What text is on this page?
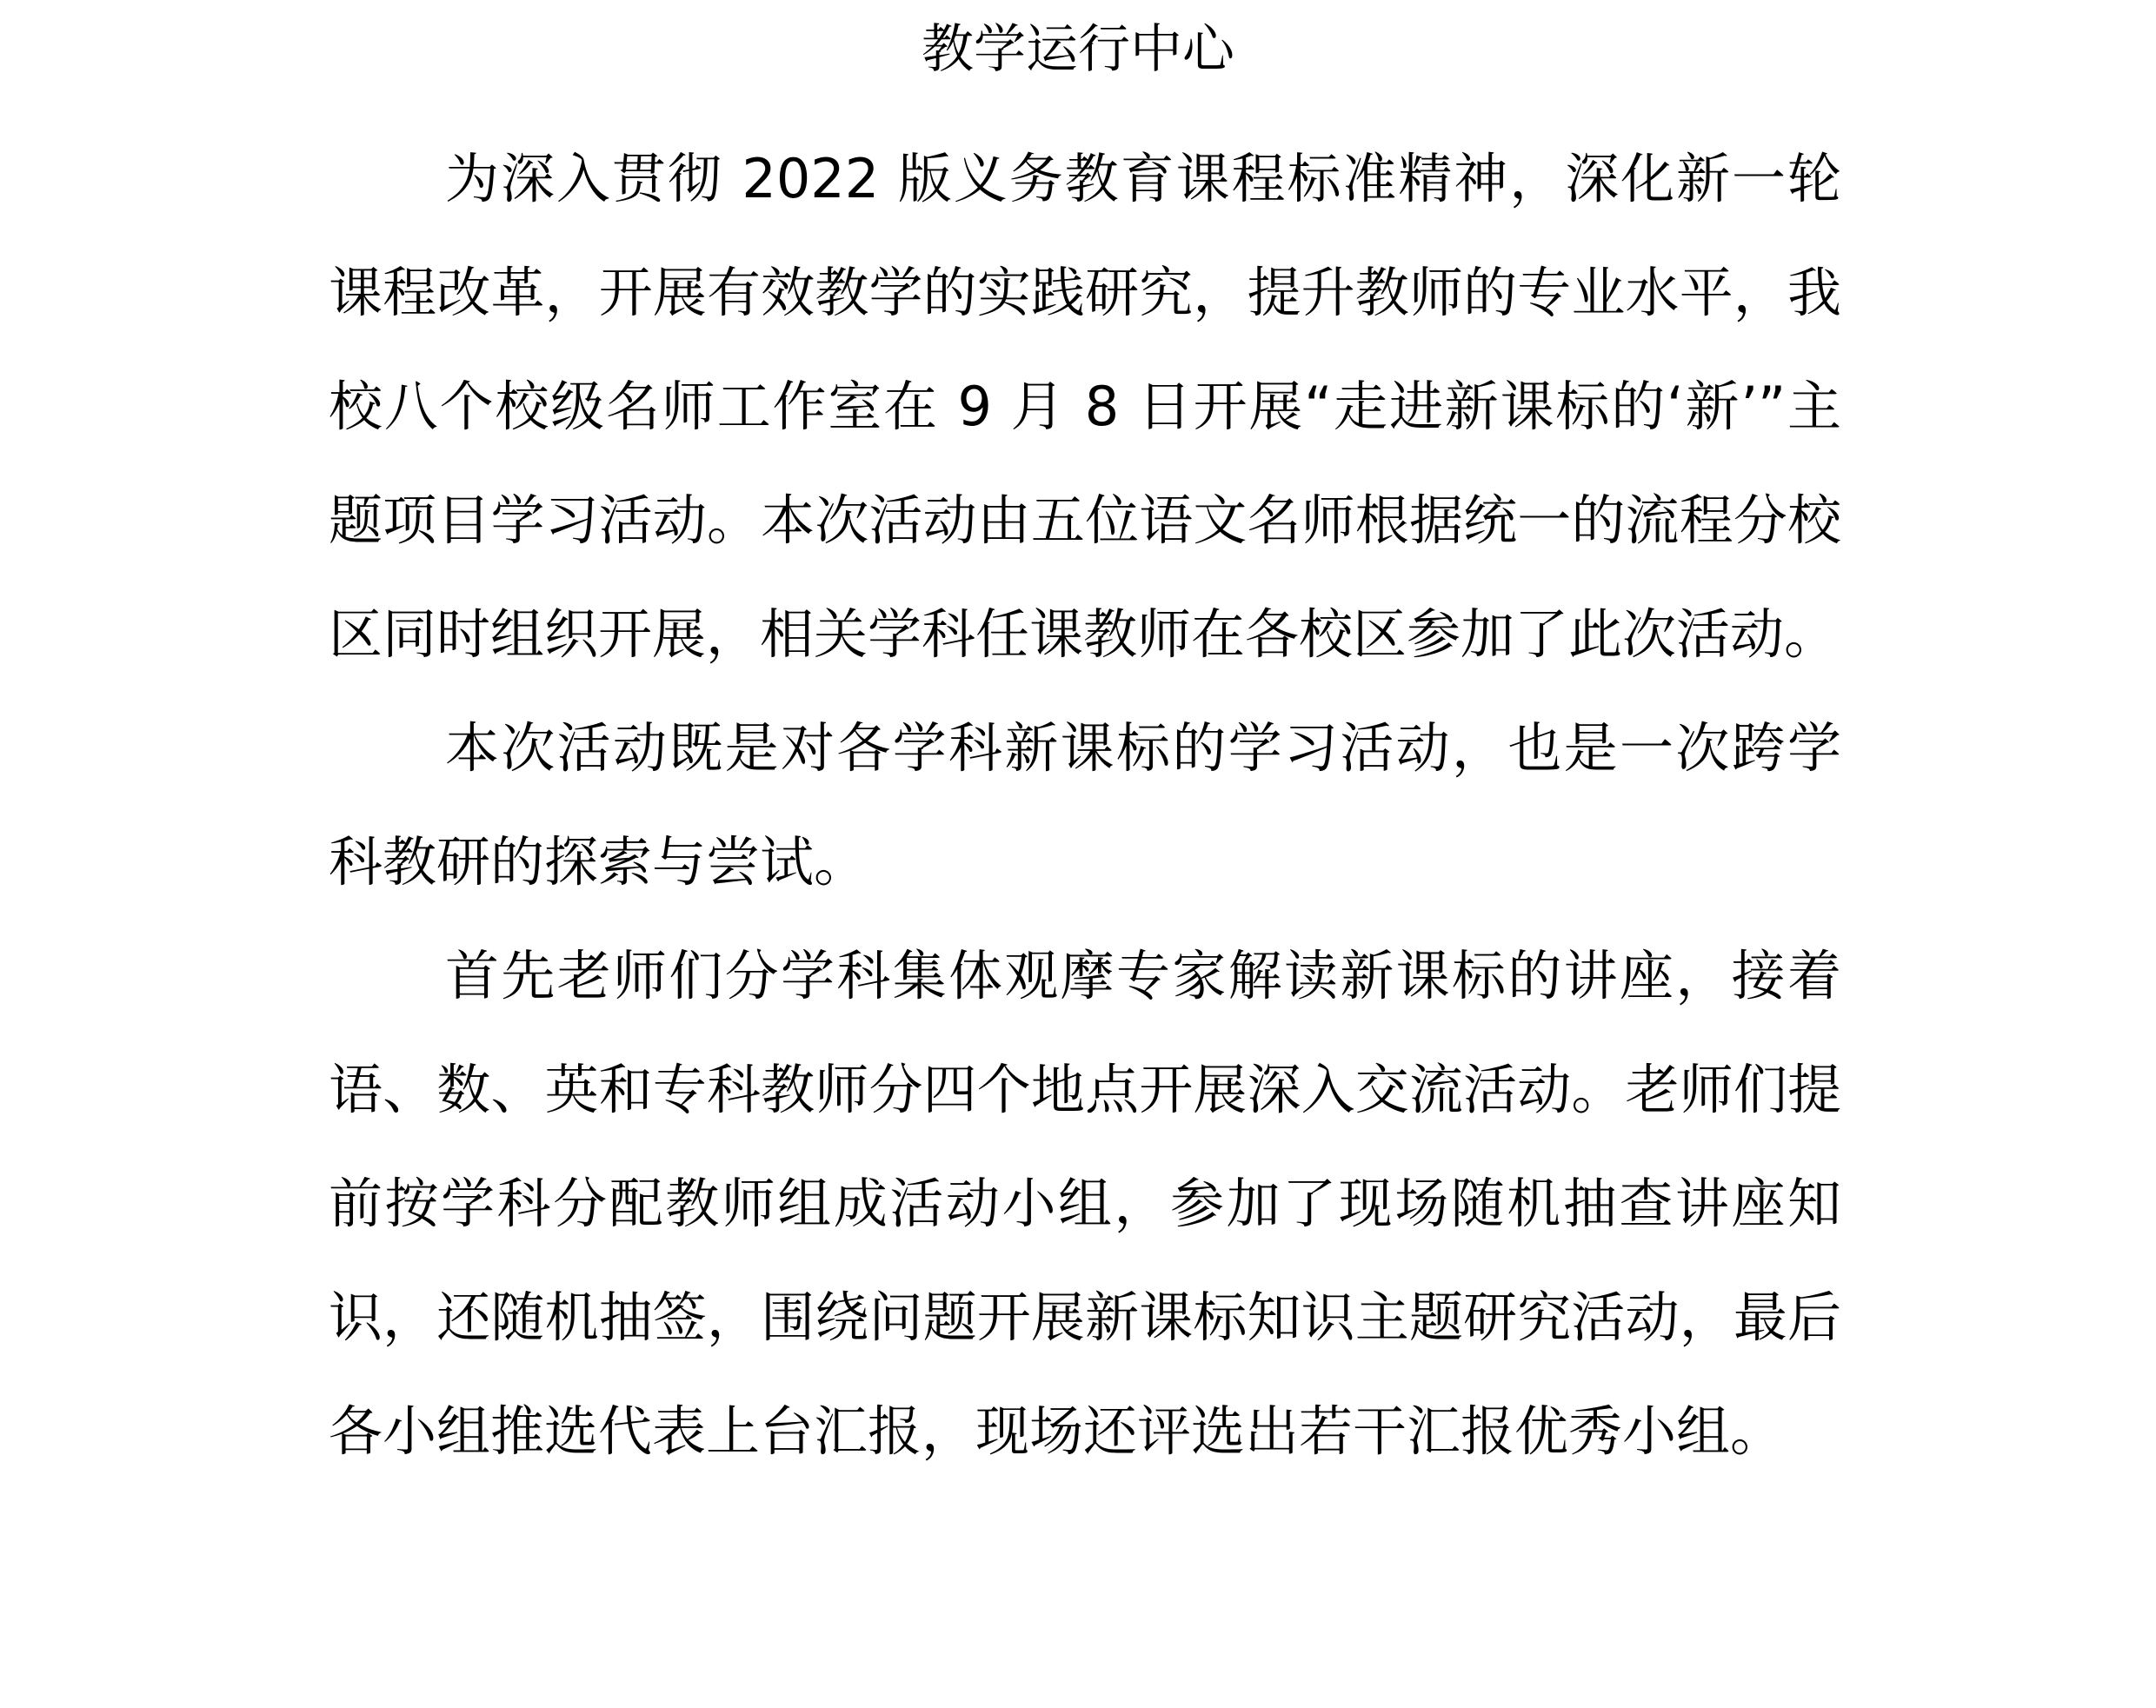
教学运行中心

为深入贯彻 2022 版义务教育课程标准精神，深化新一轮课程改革，开展有效教学的实践研究，提升教师的专业水平，我校八个校级名师工作室在 9 月 8 日开展“走进新课标的‘新’”主题项目学习活动。本次活动由五位语文名师根据统一的流程分校区同时组织开展，相关学科任课教师在各校区参加了此次活动。

本次活动既是对各学科新课标的学习活动，也是一次跨学科教研的探索与尝试。

首先老师们分学科集体观摩专家解读新课标的讲座，接着语、数、英和专科教师分四个地点开展深入交流活动。老师们提前按学科分配教师组成活动小组，参加了现场随机抽查讲座知识，还随机抽签，围绕问题开展新课标知识主题研究活动，最后各小组推选代表上台汇报，现场还评选出若干汇报优秀小组。
